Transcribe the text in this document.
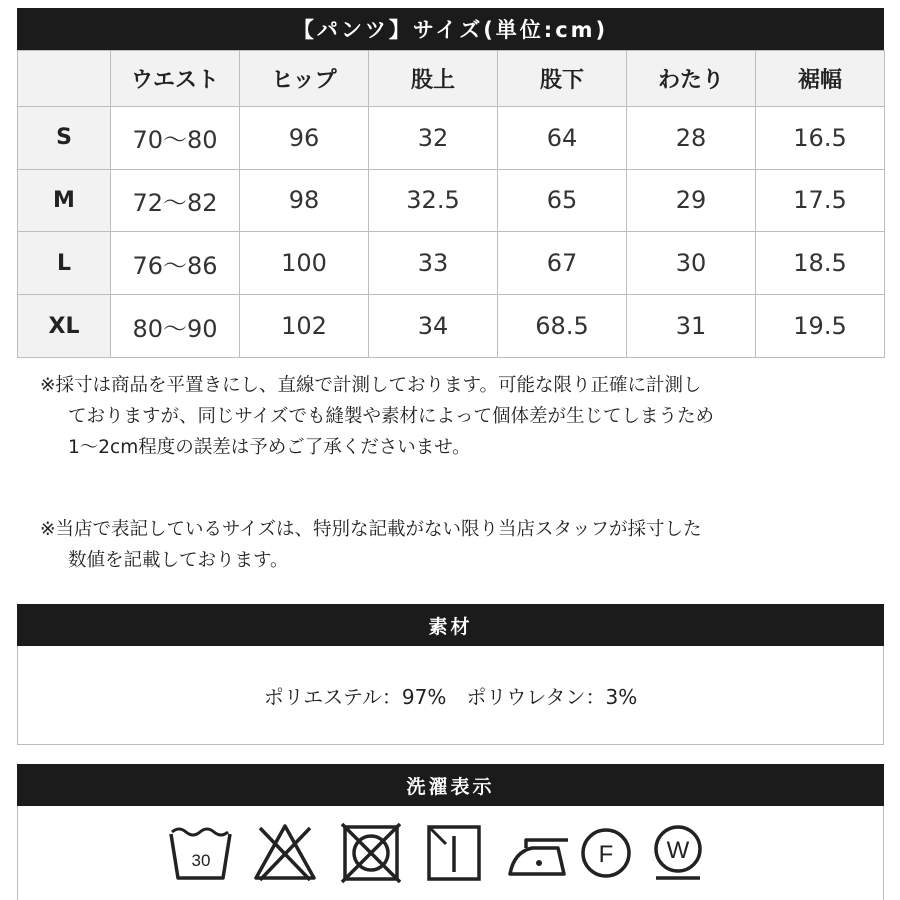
【パンツ】サイズ(単位:cm)
	ウエスト	ヒップ	股上	股下	わたり	裾幅
S	70～80	96	32	64	28	16.5
M	72～82	98	32.5	65	29	17.5
L	76～86	100	33	67	30	18.5
XL	80～90	102	34	68.5	31	19.5
※採寸は商品を平置きにし、直線で計測しております。可能な限り正確に計測し
ておりますが、同じサイズでも縫製や素材によって個体差が生じてしまうため
1～2cm程度の誤差は予めご了承くださいませ。
※当店で表記しているサイズは、特別な記載がない限り当店スタッフが採寸した
数値を記載しております。
素材
ポリエステル：97%　ポリウレタン：3%
洗濯表示
30	F W
